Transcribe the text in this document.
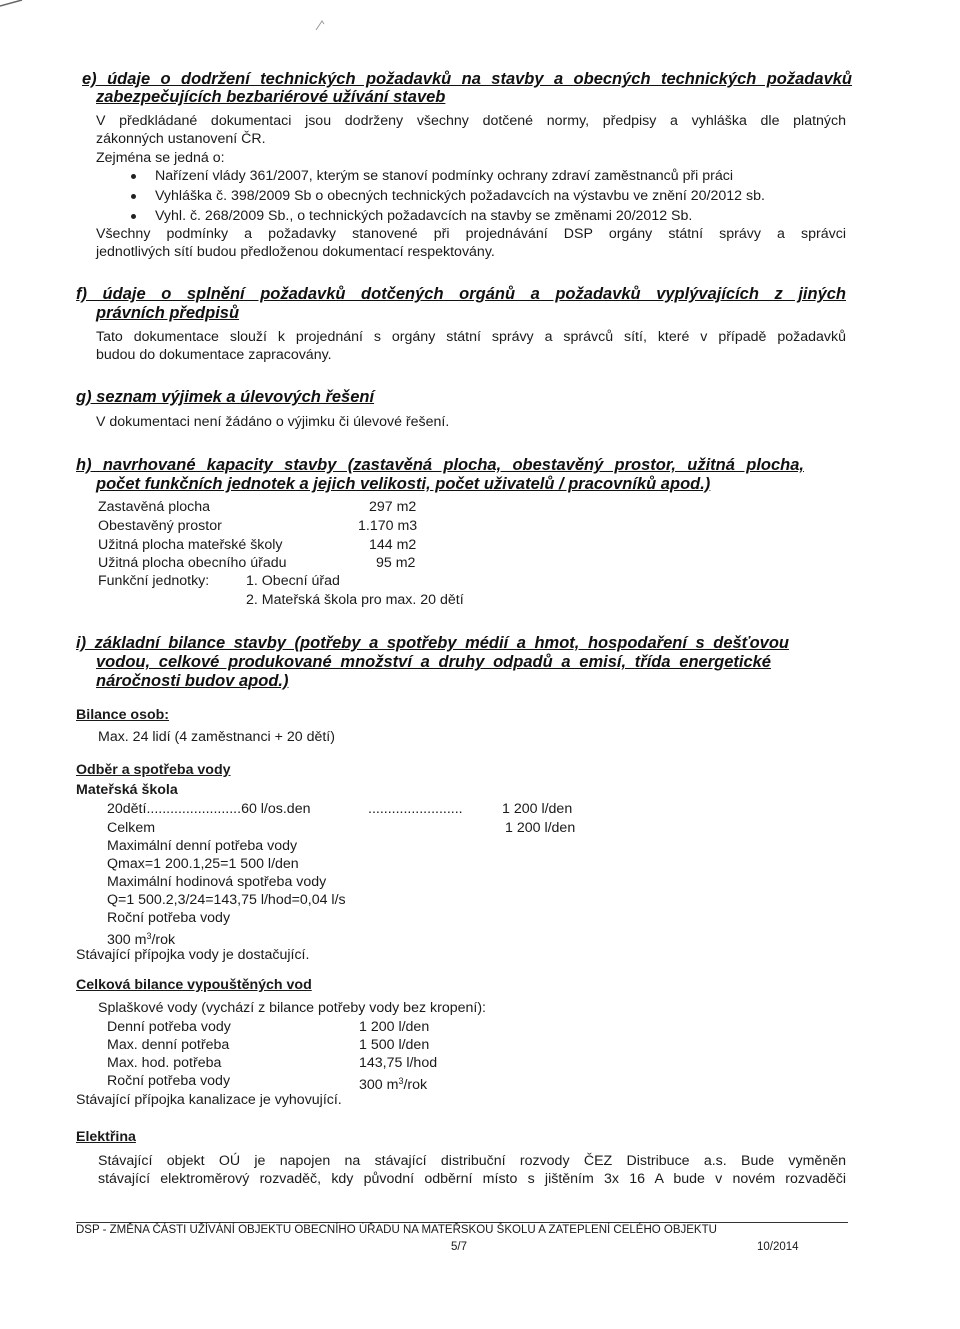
e) údaje o dodržení technických požadavků na stavby a obecných technických požadavků
zabezpečujících bezbariérové užívání staveb
V předkládané dokumentaci jsou dodrženy všechny dotčené normy, předpisy a vyhláška dle platných
zákonných ustanovení ČR.
Zejména se jedná o:
Nařízení vlády 361/2007, kterým se stanoví podmínky ochrany zdraví zaměstnanců při práci
Vyhláška č. 398/2009 Sb o obecných technických požadavcích na výstavbu ve znění 20/2012 sb.
Vyhl. č. 268/2009 Sb., o technických požadavcích na stavby se změnami 20/2012 Sb.
Všechny podmínky a požadavky stanovené při projednávání DSP orgány státní správy a správci
jednotlivých sítí budou předloženou dokumentací respektovány.
f) údaje o splnění požadavků dotčených orgánů a požadavků vyplývajících z jiných
právních předpisů
Tato dokumentace slouží k projednání s orgány státní správy a správců sítí, které v případě požadavků
budou do dokumentace zapracovány.
g) seznam výjimek a úlevových řešení
V dokumentaci není žádáno o výjimku či úlevové řešení.
h) navrhované kapacity stavby (zastavěná plocha, obestavěný prostor, užitná plocha,
počet funkčních jednotek a jejich velikosti, počet uživatelů / pracovníků apod.)
Zastavěná plocha	297 m2
Obestavěný prostor	1.170 m3
Užitná plocha mateřské školy	144 m2
Užitná plocha obecního úřadu	95 m2
Funkční jednotky:	1. Obecní úřad
2. Mateřská škola pro max. 20 dětí
i) základní bilance stavby (potřeby a spotřeby médií a hmot, hospodaření s dešťovou
vodou, celkové produkované množství a druhy odpadů a emisí, třída energetické
náročnosti budov apod.)
Bilance osob:
Max. 24 lidí (4 zaměstnanci + 20 dětí)
Odběr a spotřeba vody
Mateřská škola
20dětí........................60 l/os.den	........................	1 200 l/den
Celkem	1 200 l/den
Maximální denní potřeba vody
Qmax=1 200.1,25=1 500 l/den
Maximální hodinová spotřeba vody
Q=1 500.2,3/24=143,75 l/hod=0,04 l/s
Roční potřeba vody
300 $m^3$/rok
Stávající přípojka vody je dostačující.
Celková bilance vypouštěných vod
Splaškové vody (vychází z bilance potřeby vody bez kropení):
Denní potřeba vody	1 200 l/den
Max. denní potřeba	1 500 l/den
Max. hod. potřeba	143,75 l/hod
Roční potřeba vody	300 $m^3$/rok
Stávající přípojka kanalizace je vyhovující.
Elektřina
Stávající objekt OÚ je napojen na stávající distribuční rozvody ČEZ Distribuce a.s. Bude vyměněn
stávající elektroměrový rozvaděč, kdy původní odběrní místo s jištěním 3x 16 A bude v novém rozvaděči
DSP - ZMĚNA ČÁSTI UŽÍVÁNÍ OBJEKTU OBECNÍHO ÚŘADU NA MATEŘSKOU ŠKOLU A ZATEPLENÍ CELÉHO OBJEKTU
5/7	10/2014
